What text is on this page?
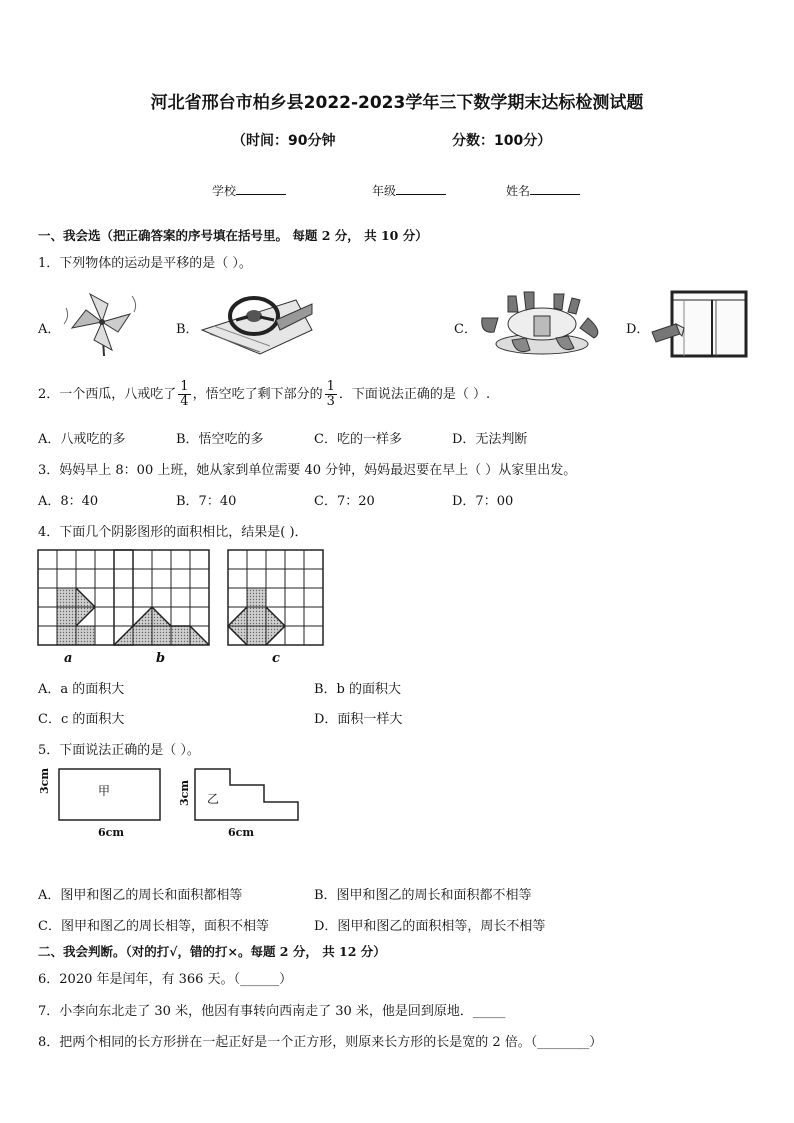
河北省邢台市柏乡县2022-2023学年三下数学期末达标检测试题
（时间：90分钟	分数：100分）
学校	年级	姓名
一、我会选（把正确答案的序号填在括号里。 每题 2 分， 共 10 分）
1．下列物体的运动是平移的是（ ）。
A．	B．	C．	D．
2．一个西瓜，八戒吃了 $\frac{1}{4}$ ，悟空吃了剩下部分的 $\frac{1}{3}$ ．下面说法正确的是（ ）.
A．八戒吃的多	B．悟空吃的多	C．吃的一样多	D．无法判断
3．妈妈早上 8：00 上班，她从家到单位需要 40 分钟，妈妈最迟要在早上（ ）从家里出发。
A．8：40	B．7：40	C．7：20	D．7：00
4．下面几个阴影图形的面积相比，结果是( )．
a	b	c
A．a 的面积大	B．b 的面积大
C．c 的面积大	D．面积一样大
5．下面说法正确的是（ ）。
甲
3cm
6cm
乙
3cm
6cm
A．图甲和图乙的周长和面积都相等	B．图甲和图乙的周长和面积都不相等
C．图甲和图乙的周长相等，面积不相等	D．图甲和图乙的面积相等，周长不相等
二、我会判断。（对的打√，错的打×。每题 2 分， 共 12 分）
6．2020 年是闰年，有 366 天。（______）
7．小李向东北走了 30 米，他因有事转向西南走了 30 米，他是回到原地．_____
8．把两个相同的长方形拼在一起正好是一个正方形，则原来长方形的长是宽的 2 倍。（________）
